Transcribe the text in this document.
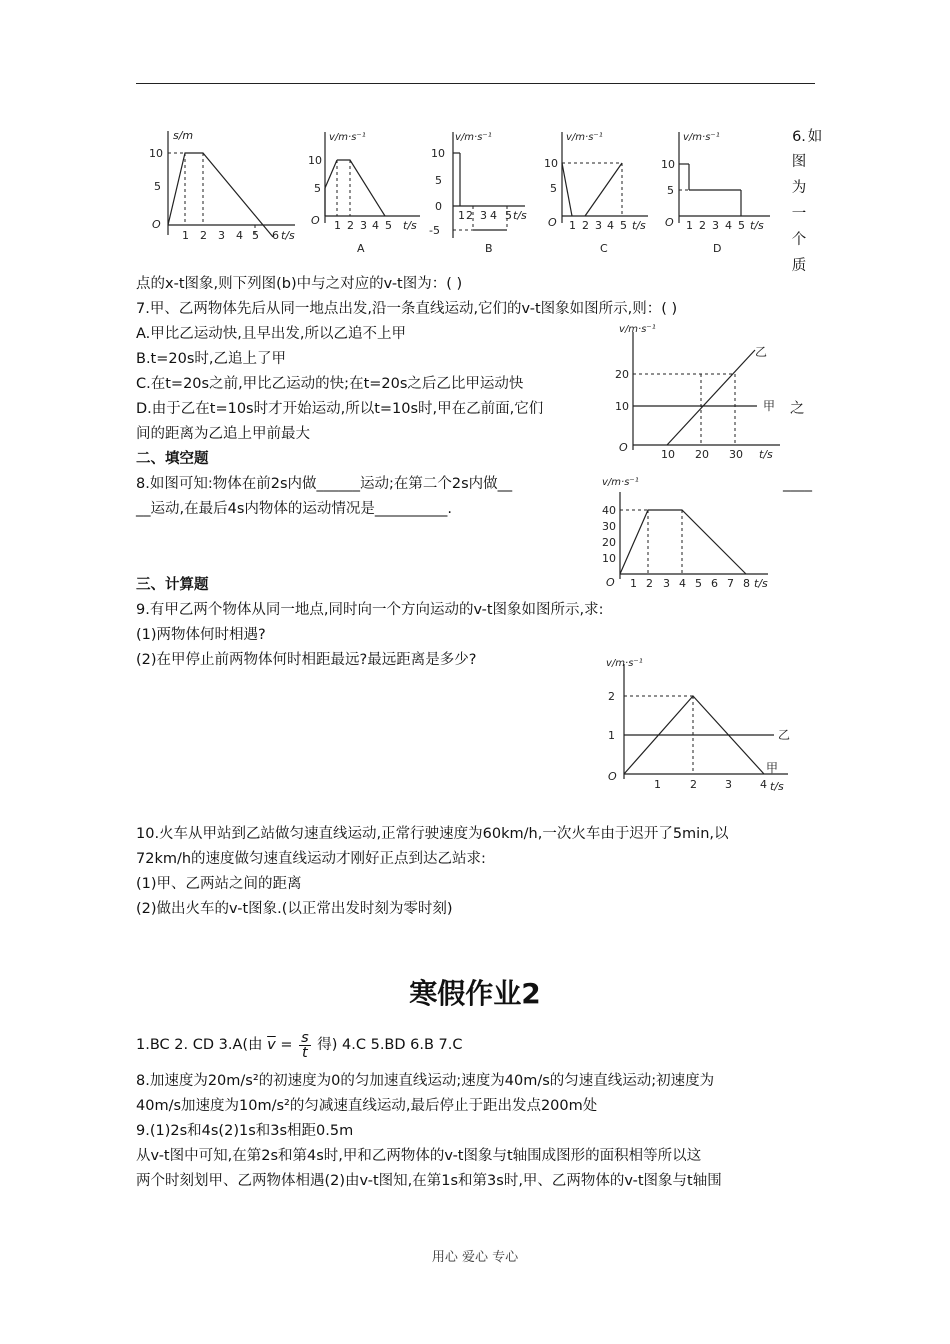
s/m
10
5
O
1 2 3 4 5 6 t/s
v/m·s⁻¹
10
5
O 1 2 3 4 5 t/s
A
v/m·s⁻¹
10
5
0
-5
1 2 3 4 5 t/s
B
v/m·s⁻¹
10
5
O 1 2 3 4 5 t/s
C
v/m·s⁻¹
10
5
O 1 2 3 4 5 t/s
D
6. 如
图
为
一
个
质
点的x-t图象,则下列图(b)中与之对应的v-t图为：( )
7.甲、乙两物体先后从同一地点出发,沿一条直线运动,它们的v-t图象如图所示,则：( )
A.甲比乙运动快,且早出发,所以乙追不上甲
B.t=20s时,乙追上了甲
C.在t=20s之前,甲比乙运动的快;在t=20s之后乙比甲运动快
D.由于乙在t=10s时才开始运动,所以t=10s时,甲在乙前面,它们	之
间的距离为乙追上甲前最大
v/m·s⁻¹
20
10
O
10 20 30 t/s
乙
甲
二、填空题
8.如图可知:物体在前2s内做______运动;在第二个2s内做__	____
__运动,在最后4s内物体的运动情况是__________.
v/m·s⁻¹
40
30
20
10
O 1 2 3 4 5 6 7 8 t/s
三、计算题
9.有甲乙两个物体从同一地点,同时向一个方向运动的v-t图象如图所示,求:
(1)两物体何时相遇?
(2)在甲停止前两物体何时相距最远?最远距离是多少?	v/m·s⁻¹
2
1
O
1	2	3	4 t/s
乙
甲
10.火车从甲站到乙站做匀速直线运动,正常行驶速度为60km/h,一次火车由于迟开了5min,以
72km/h的速度做匀速直线运动才刚好正点到达乙站求:
(1)甲、乙两站之间的距离
(2)做出火车的v-t图象.(以正常出发时刻为零时刻)
寒假作业2
1.BC 2. CD 3.A(由 $\overline{v} = \frac{s}{t}$ 得) 4.C 5.BD 6.B 7.C
8.加速度为20m/s²的初速度为0的匀加速直线运动;速度为40m/s的匀速直线运动;初速度为
40m/s加速度为10m/s²的匀减速直线运动,最后停止于距出发点200m处
9.(1)2s和4s(2)1s和3s相距0.5m
从v-t图中可知,在第2s和第4s时,甲和乙两物体的v-t图象与t轴围成图形的面积相等所以这
两个时刻划甲、乙两物体相遇(2)由v-t图知,在第1s和第3s时,甲、乙两物体的v-t图象与t轴围
用心 爱心 专心
